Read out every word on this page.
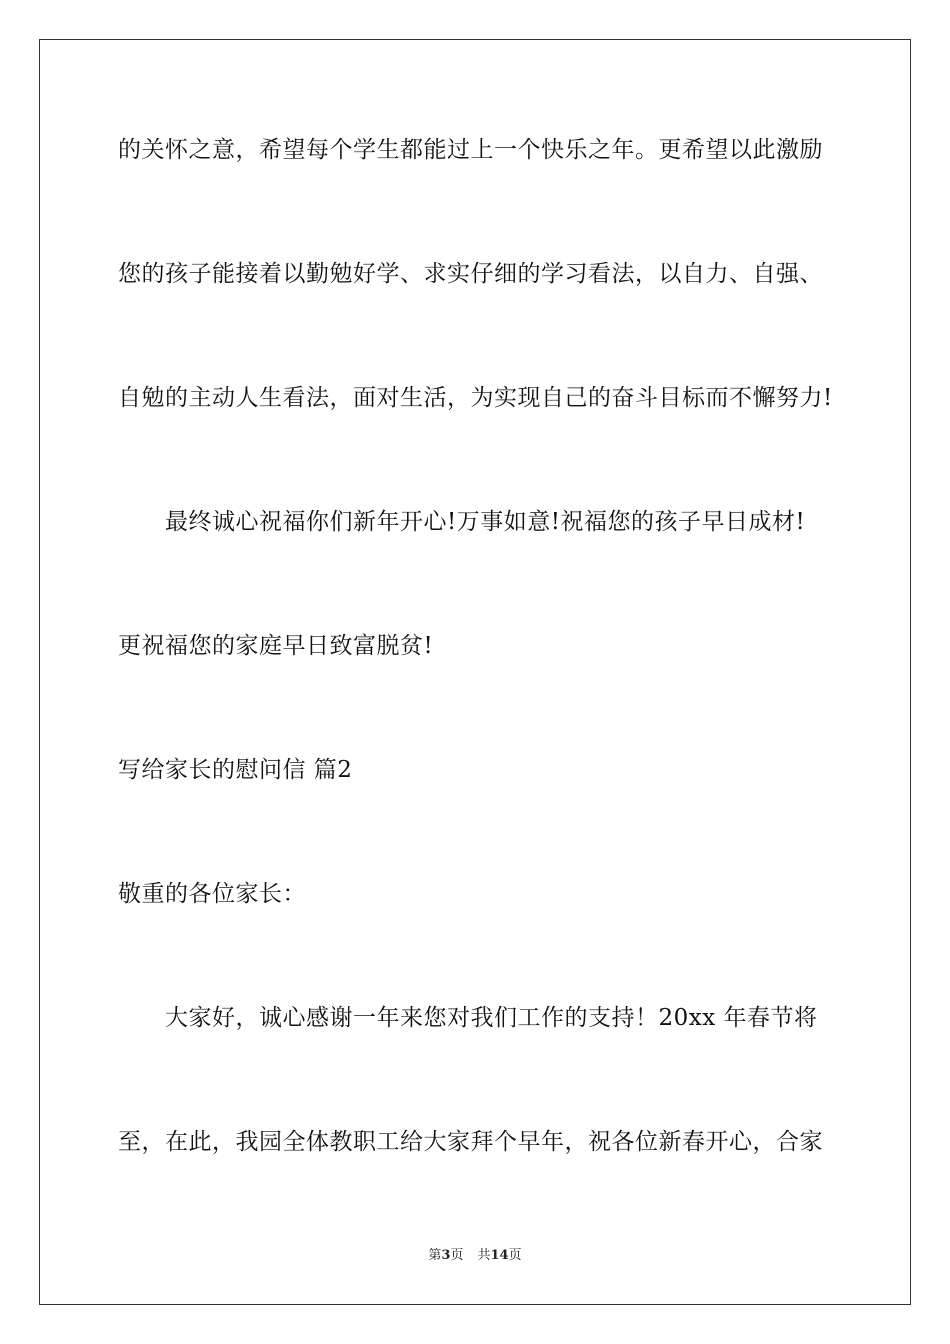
的关怀之意，希望每个学生都能过上一个快乐之年。更希望以此激励
您的孩子能接着以勤勉好学、求实仔细的学习看法，以自力、自强、
自勉的主动人生看法，面对生活，为实现自己的奋斗目标而不懈努力!
最终诚心祝福你们新年开心!万事如意!祝福您的孩子早日成材!
更祝福您的家庭早日致富脱贫!
写给家长的慰问信 篇2
敬重的各位家长：
大家好，诚心感谢一年来您对我们工作的支持！20xx 年春节将
至，在此，我园全体教职工给大家拜个早年，祝各位新春开心，合家
第3页 共14页
